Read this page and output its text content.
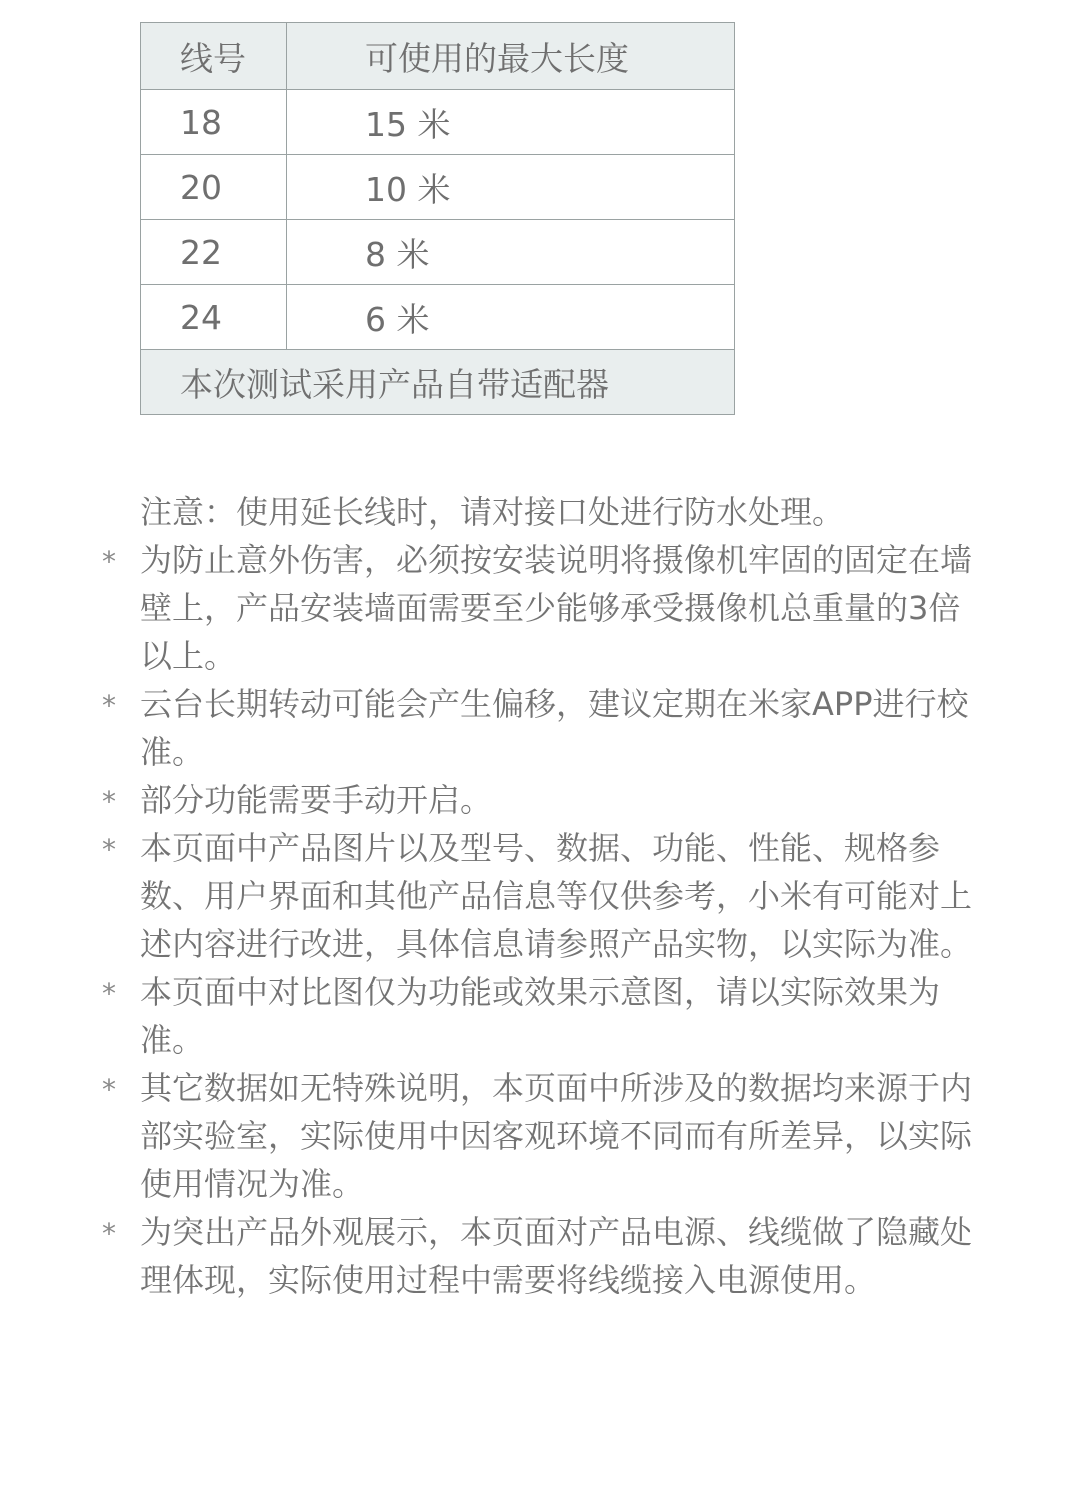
线号	可使用的最大长度
18	15 米
20	10 米
22	8 米
24	6 米
本次测试采用产品自带适配器	

注意：使用延长线时，请对接口处进行防水处理。

* 为防止意外伤害，必须按安装说明将摄像机牢固的固定在墙壁上，产品安装墙面需要至少能够承受摄像机总重量的3倍以上。

* 云台长期转动可能会产生偏移，建议定期在米家APP进行校准。

* 部分功能需要手动开启。

* 本页面中产品图片以及型号、数据、功能、性能、规格参数、用户界面和其他产品信息等仅供参考，小米有可能对上述内容进行改进，具体信息请参照产品实物，以实际为准。

* 本页面中对比图仅为功能或效果示意图，请以实际效果为准。

* 其它数据如无特殊说明，本页面中所涉及的数据均来源于内部实验室，实际使用中因客观环境不同而有所差异，以实际使用情况为准。

* 为突出产品外观展示，本页面对产品电源、线缆做了隐藏处理体现，实际使用过程中需要将线缆接入电源使用。
